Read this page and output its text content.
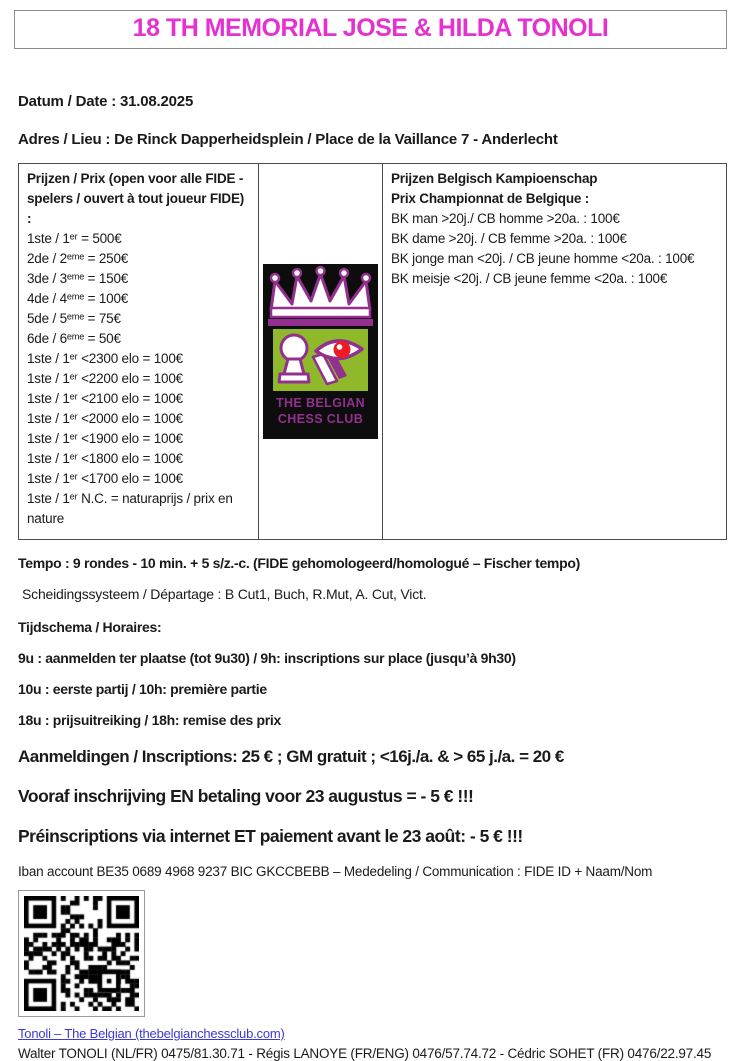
18 TH MEMORIAL JOSE & HILDA TONOLI

Datum / Date : 31.08.2025

Adres / Lieu : De Rinck Dapperheidsplein / Place de la Vaillance 7 - Anderlecht

Prijzen / Prix (open voor alle FIDE - spelers / ouvert à tout joueur FIDE) :
1ste / 1ᵉʳ = 500€
2de / 2ᵉᵐᵉ = 250€
3de / 3ᵉᵐᵉ = 150€
4de / 4ᵉᵐᵉ = 100€
5de / 5ᵉᵐᵉ = 75€
6de / 6ᵉᵐᵉ = 50€
1ste / 1ᵉʳ <2300 elo = 100€
1ste / 1ᵉʳ <2200 elo = 100€
1ste / 1ᵉʳ <2100 elo = 100€
1ste / 1ᵉʳ <2000 elo = 100€
1ste / 1ᵉʳ <1900 elo = 100€
1ste / 1ᵉʳ <1800 elo = 100€
1ste / 1ᵉʳ <1700 elo = 100€
1ste / 1ᵉʳ N.C. = naturaprijs / prix en nature
THE BELGIAN
CHESS CLUB
Prijzen Belgisch Kampioenschap
Prix Championnat de Belgique :
BK man >20j./ CB homme >20a. : 100€
BK dame >20j. / CB femme >20a. : 100€
BK jonge man <20j. / CB jeune homme <20a. : 100€
BK meisje <20j. / CB jeune femme <20a. : 100€

Tempo : 9 rondes - 10 min. + 5 s/z.-c. (FIDE gehomologeerd/homologué – Fischer tempo)

Scheidingssysteem / Départage : B Cut1, Buch, R.Mut, A. Cut, Vict.

Tijdschema / Horaires:

9u : aanmelden ter plaatse (tot 9u30) / 9h: inscriptions sur place (jusqu’à 9h30)
10u : eerste partij / 10h: première partie
18u : prijsuitreiking / 18h: remise des prix

Aanmeldingen / Inscriptions: 25 € ; GM gratuit ; <16j./a. & > 65 j./a. = 20 €

Vooraf inschrijving EN betaling voor 23 augustus = - 5 € !!!

Préinscriptions via internet ET paiement avant le 23 août: - 5 € !!!

Iban account BE35 0689 4968 9237 BIC GKCCBEBB – Mededeling / Communication : FIDE ID + Naam/Nom

Tonoli – The Belgian (thebelgianchessclub.com)

Walter TONOLI (NL/FR) 0475/81.30.71 - Régis LANOYE (FR/ENG) 0476/57.74.72 - Cédric SOHET (FR) 0476/22.97.45
